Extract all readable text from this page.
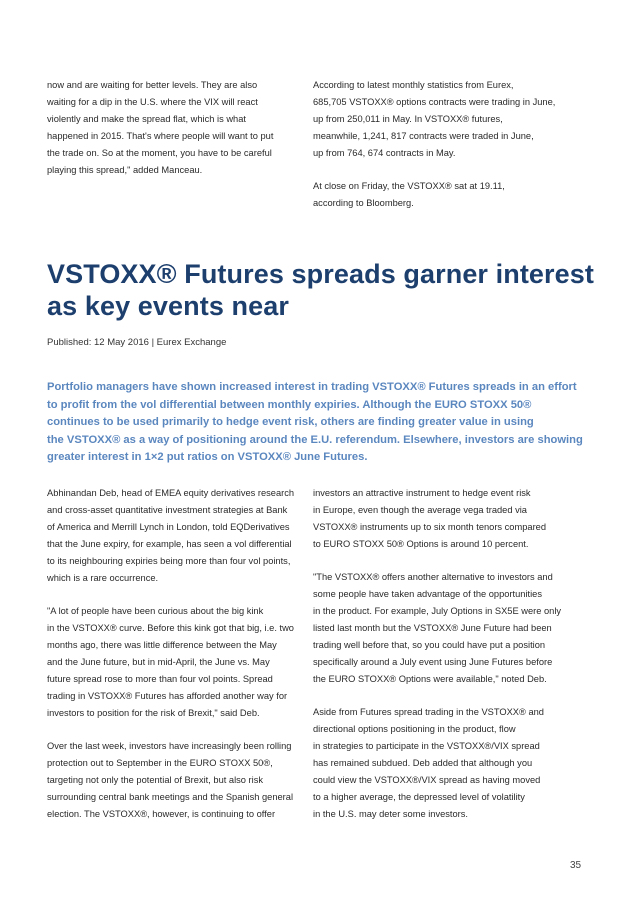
now and are waiting for better levels. They are also
waiting for a dip in the U.S. where the VIX will react
violently and make the spread flat, which is what
happened in 2015. That's where people will want to put
the trade on. So at the moment, you have to be careful
playing this spread," added Manceau.

According to latest monthly statistics from Eurex,
685,705 VSTOXX® options contracts were trading in June,
up from 250,011 in May. In VSTOXX® futures,
meanwhile, 1,241, 817 contracts were traded in June,
up from 764, 674 contracts in May.

At close on Friday, the VSTOXX® sat at 19.11,
according to Bloomberg.

VSTOXX® Futures spreads garner interest
as key events near
Published: 12 May 2016 | Eurex Exchange
Portfolio managers have shown increased interest in trading VSTOXX® Futures spreads in an effort
to profit from the vol differential between monthly expiries. Although the EURO STOXX 50®
continues to be used primarily to hedge event risk, others are finding greater value in using
the VSTOXX® as a way of positioning around the E.U. referendum. Elsewhere, investors are showing
greater interest in 1×2 put ratios on VSTOXX® June Futures.

Abhinandan Deb, head of EMEA equity derivatives research
and cross-asset quantitative investment strategies at Bank
of America and Merrill Lynch in London, told EQDerivatives
that the June expiry, for example, has seen a vol differential
to its neighbouring expiries being more than four vol points,
which is a rare occurrence.

"A lot of people have been curious about the big kink
in the VSTOXX® curve. Before this kink got that big, i.e. two
months ago, there was little difference between the May
and the June future, but in mid-April, the June vs. May
future spread rose to more than four vol points. Spread
trading in VSTOXX® Futures has afforded another way for
investors to position for the risk of Brexit," said Deb.

Over the last week, investors have increasingly been rolling
protection out to September in the EURO STOXX 50®,
targeting not only the potential of Brexit, but also risk
surrounding central bank meetings and the Spanish general
election. The VSTOXX®, however, is continuing to offer

investors an attractive instrument to hedge event risk
in Europe, even though the average vega traded via
VSTOXX® instruments up to six month tenors compared
to EURO STOXX 50® Options is around 10 percent.

"The VSTOXX® offers another alternative to investors and
some people have taken advantage of the opportunities
in the product. For example, July Options in SX5E were only
listed last month but the VSTOXX® June Future had been
trading well before that, so you could have put a position
specifically around a July event using June Futures before
the EURO STOXX® Options were available," noted Deb.

Aside from Futures spread trading in the VSTOXX® and
directional options positioning in the product, flow
in strategies to participate in the VSTOXX®/VIX spread
has remained subdued. Deb added that although you
could view the VSTOXX®/VIX spread as having moved
to a higher average, the depressed level of volatility
in the U.S. may deter some investors.

35
